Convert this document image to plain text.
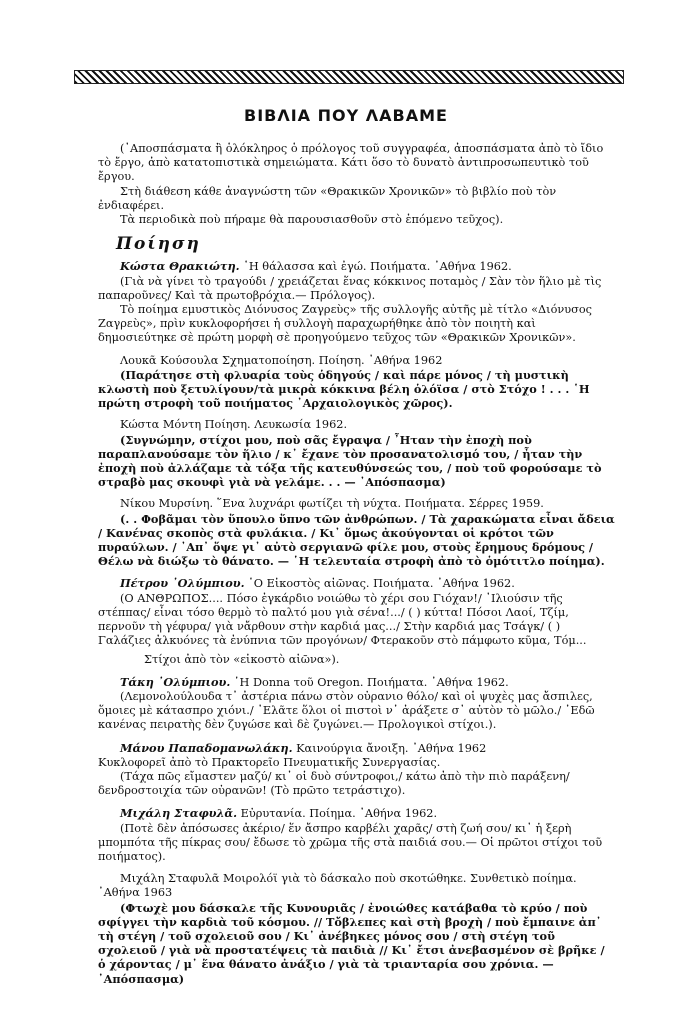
ΒΙΒΛΙΑ ΠΟΥ ΛΑΒΑΜΕ

(᾿Αποσπάσματα ἢ ὁλόκληρος ὁ πρόλογος τοῦ συγγραφέα, ἀποσπάσματα ἀπὸ τὸ ἴδιο τὸ ἔργο, ἀπὸ κατατοπιστικὰ σημειώματα. Κάτι ὅσο τὸ δυνατὸ ἀντιπροσωπευτικὸ τοῦ ἔργου.

Στὴ διάθεση κάθε ἀναγνώστη τῶν «Θρακικῶν Χρονικῶν» τὸ βιβλίο ποὺ τὸν ἐνδιαφέρει.

Τὰ περιοδικὰ ποὺ πήραμε θὰ παρουσιασθοῦν στὸ ἑπόμενο τεῦχος).

Ποίηση

Κώστα Θρακιώτη. ῾Η θάλασσα καὶ ἐγώ. Ποιήματα. ᾿Αθήνα 1962.

(Γιὰ νὰ γίνει τὸ τραγούδι / χρειάζεται ἕνας κόκκινος ποταμὸς / Σὰν τὸν ἥλιο μὲ τὶς παπαροῦνες/ Καὶ τὰ πρωτοβρόχια.— Πρόλογος).

Τὸ ποίημα εμυστικὸς Διόνυσος Ζαγρεὺς» τῆς συλλογῆς αὐτῆς μὲ τίτλο «Διόνυσος Ζαγρεὺς», πρὶν κυκλοφορήσει ἡ συλλογὴ παραχωρήθηκε ἀπὸ τὸν ποιητὴ καὶ δημοσιεύτηκε σὲ πρώτη μορφὴ σὲ προηγούμενο τεῦχος τῶν «Θρακικῶν Χρονικῶν».

Λουκᾶ Κούσουλα Σχηματοποίηση. Ποίηση. ᾿Αθήνα 1962

(Παράτησε στὴ φλυαρία τοὺς ὁδηγούς / καὶ πάρε μόνος / τὴ μυστικὴ κλωστὴ ποὺ ξετυλίγουν/τὰ μικρὰ κόκκινα βέλη ὁλόϊσα / στὸ Στόχο ! . . . ῾Η πρώτη στροφὴ τοῦ ποιήματος ᾿Αρχαιολογικὸς χῶρος).

Κώστα Μόντη Ποίηση. Λευκωσία 1962.

(Συγνώμην, στίχοι μου, ποὺ σᾶς ἔγραψα / ῏Ηταν τὴν ἐποχὴ ποὺ παραπλανούσαμε τὸν ἥλιο / κ᾿ ἔχανε τὸν προσανατολισμό του, / ἦταν τὴν ἐποχὴ ποὺ ἀλλάζαμε τὰ τόξα τῆς κατευθύνσεώς του, / ποὺ τοῦ φορούσαμε τὸ στραβὸ μας σκουφὶ γιὰ νὰ γελάμε. . . — ᾿Απόσπασμα)

Νίκου Μυρσίνη. ῞Ενα λυχνάρι φωτίζει τὴ νύχτα. Ποιήματα. Σέρρες 1959.

(. . Φοβᾶμαι τὸν ὕπουλο ὕπνο τῶν ἀνθρώπων. / Τὰ χαρακώματα εἶναι ἄδεια / Κανένας σκοπὸς στὰ φυλάκια. / Κι᾿ ὅμως ἀκούγονται οἱ κρότοι τῶν πυραύλων. / ᾿Απ᾿ ὅψε γι᾿ αὐτὸ σεργιανῶ φίλε μου, στοὺς ἔρημους δρόμους / Θέλω νὰ διώξω τὸ θάνατο. — ῾Η τελευταία στροφὴ ἀπὸ τὸ ὁμότιτλο ποίημα).

Πέτρου ᾿Ολύμπιου. ῾Ο Εἰκοστὸς αἰῶνας. Ποιήματα. ᾿Αθήνα 1962.

(Ο ΑΝΘΡΩΠΟΣ.... Πόσο ἐγκάρδιο νοιώθω τὸ χέρι σου Γιόχαν!/ ᾿Ιλιούσιν τῆς στέππας/ εἶναι τόσο θερμὸ τὸ παλτό μου γιὰ σένα!.../ ( ) κύττα! Πόσοι Λαοί, Τζίμ, περνοῦν τὴ γέφυρα/ γιὰ νἄρθουν στὴν καρδιά μας.../ Στὴν καρδιά μας Τσάγκ/ ( ) Γαλάζιες ἀλκυόνες τὰ ἐνύπνια τῶν προγόνων/ Φτερακοῦν στὸ πάμφωτο κῦμα, Τόμ...

Στίχοι ἀπὸ τὸν «εἰκοστὸ αἰῶνα»).

Τάκη ᾿Ολύμπιου. ῾Η Donna τοῦ Oregon. Ποιήματα. ᾿Αθήνα 1962.

(Λεμονολούλουδα τ᾿ ἀστέρια πάνω στὸν οὐρανιο θόλο/ καὶ οἱ ψυχὲς μας ἄσπιλες, ὅμοιες μὲ κάτασπρο χιόνι./ ᾿Ελᾶτε ὅλοι οἱ πιστοὶ ν᾿ ἀράξετε σ᾿ αὐτὸν τὸ μῶλο./ ᾿Εδῶ κανένας πειρατὴς δὲν ζυγώσε καὶ δὲ ζυγώνει.— Προλογικοὶ στίχοι.).

Μάνου Παπαδομανωλάκη. Καινούργια ἄνοιξη. ᾿Αθήνα 1962

Κυκλοφορεῖ ἀπὸ τὸ Πρακτορεῖο Πνευματικῆς Συνεργασίας.

(Τάχα πῶς εἴμαστεν μαζύ/ κι᾿ οἱ δυὸ σύντροφοι,/ κάτω ἀπὸ τὴν πιὸ παράξενη/ δενδροστοιχία τῶν οὐρανῶν! (Τὸ πρῶτο τετράστιχο).

Μιχάλη Σταφυλᾶ. Εὐρυτανία. Ποίημα. ᾿Αθήνα 1962.

(Ποτὲ δὲν ἀπόσωσες ἀκέριο/ ἕν ἄσπρο καρβέλι χαρᾶς/ στὴ ζωή σου/ κι᾿ ἡ ξερὴ μπομπότα τῆς πίκρας σου/ ἔδωσε τὸ χρῶμα τῆς στὰ παιδιά σου.— Οἱ πρῶτοι στίχοι τοῦ ποιήματος).

Μιχάλη Σταφυλᾶ Μοιρολόϊ γιὰ τὸ δάσκαλο ποὺ σκοτώθηκε. Συνθετικὸ ποίημα. ᾿Αθήνα 1963

(Φτωχὲ μου δάσκαλε τῆς Κυνουριᾶς / ἐνοιώθες κατάβαθα τὸ κρύο / ποὺ σφίγγει τὴν καρδιὰ τοῦ κόσμου. // Τὄβλεπες καὶ στὴ βροχὴ / ποὺ ἔμπαινε ἀπ᾿ τὴ στέγη / τοῦ σχολειοῦ σου / Κι᾿ ἀνέβηκες μόνος σου / στὴ στέγη τοῦ σχολειοῦ / γιὰ νὰ προστατέψεις τὰ παιδιὰ // Κι᾿ ἔτσι ἀνεβασμένον σὲ βρῆκε / ὁ χάροντας / μ᾿ ἕνα θάνατο ἀνάξιο / γιὰ τὰ τριανταρία σου χρόνια. — ᾿Απόσπασμα)
